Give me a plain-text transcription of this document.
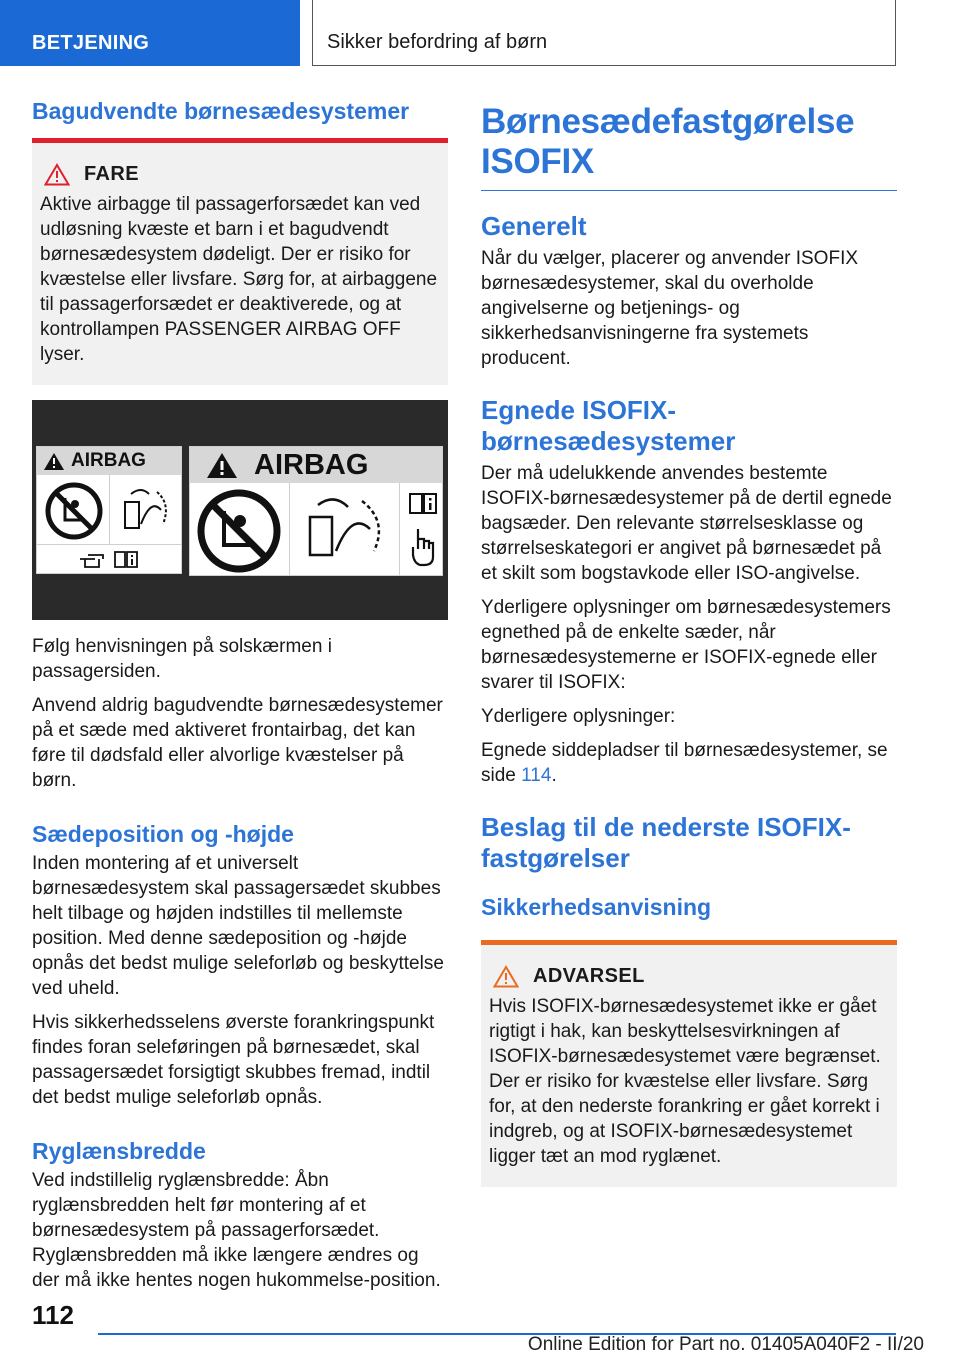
BETJENING	Sikker befordring af børn
Bagudvendte børnesædesystemer
FARE

Aktive airbagge til passagerforsædet kan ved udløsning kvæste et barn i et bagudvendt børnesædesystem dødeligt. Der er risiko for kvæstelse eller livsfare. Sørg for, at airbaggene til passagerforsædet er deaktiverede, og at kontrollampen PASSENGER AIRBAG OFF lyser.

AIRBAG	AIRBAG

Følg henvisningen på solskærmen i passagersiden.

Anvend aldrig bagudvendte børnesædesystemer på et sæde med aktiveret frontairbag, det kan føre til dødsfald eller alvorlige kvæstelser på børn.

Sædeposition og -højde

Inden montering af et universelt børnesædesystem skal passagersædet skubbes helt tilbage og højden indstilles til mellemste position. Med denne sædeposition og -højde opnås det bedst mulige seleforløb og beskyttelse ved uheld.

Hvis sikkerhedsselens øverste forankringspunkt findes foran seleføringen på børnesædet, skal passagersædet forsigtigt skubbes fremad, indtil det bedst mulige seleforløb opnås.

Ryglænsbredde

Ved indstillelig ryglænsbredde: Åbn ryglænsbredden helt før montering af et børnesædesystem på passagerforsædet. Ryglænsbredden må ikke længere ændres og der må ikke hentes nogen hukommelse-position.

Børnesædefastgørelse ISOFIX
Generelt

Når du vælger, placerer og anvender ISOFIX børnesædesystemer, skal du overholde angivelserne og betjenings- og sikkerhedsanvisningerne fra systemets producent.

Egnede ISOFIX-børnesædesystemer

Der må udelukkende anvendes bestemte ISOFIX-børnesædesystemer på de dertil egnede bagsæder. Den relevante størrelsesklasse og størrelseskategori er angivet på børnesædet på et skilt som bogstavkode eller ISO-angivelse.

Yderligere oplysninger om børnesædesystemers egnethed på de enkelte sæder, når børnesædesystemerne er ISOFIX-egnede eller svarer til ISOFIX:

Yderligere oplysninger:

Egnede siddepladser til børnesædesystemer, se side 114.

Beslag til de nederste ISOFIX-fastgørelser
Sikkerhedsanvisning
ADVARSEL

Hvis ISOFIX-børnesædesystemet ikke er gået rigtigt i hak, kan beskyttelsesvirkningen af ISOFIX-børnesædesystemet være begrænset. Der er risiko for kvæstelse eller livsfare. Sørg for, at den nederste forankring er gået korrekt i indgreb, og at ISOFIX-børnesædesystemet ligger tæt an mod ryglænet.

112
Online Edition for Part no. 01405A040F2 - II/20
